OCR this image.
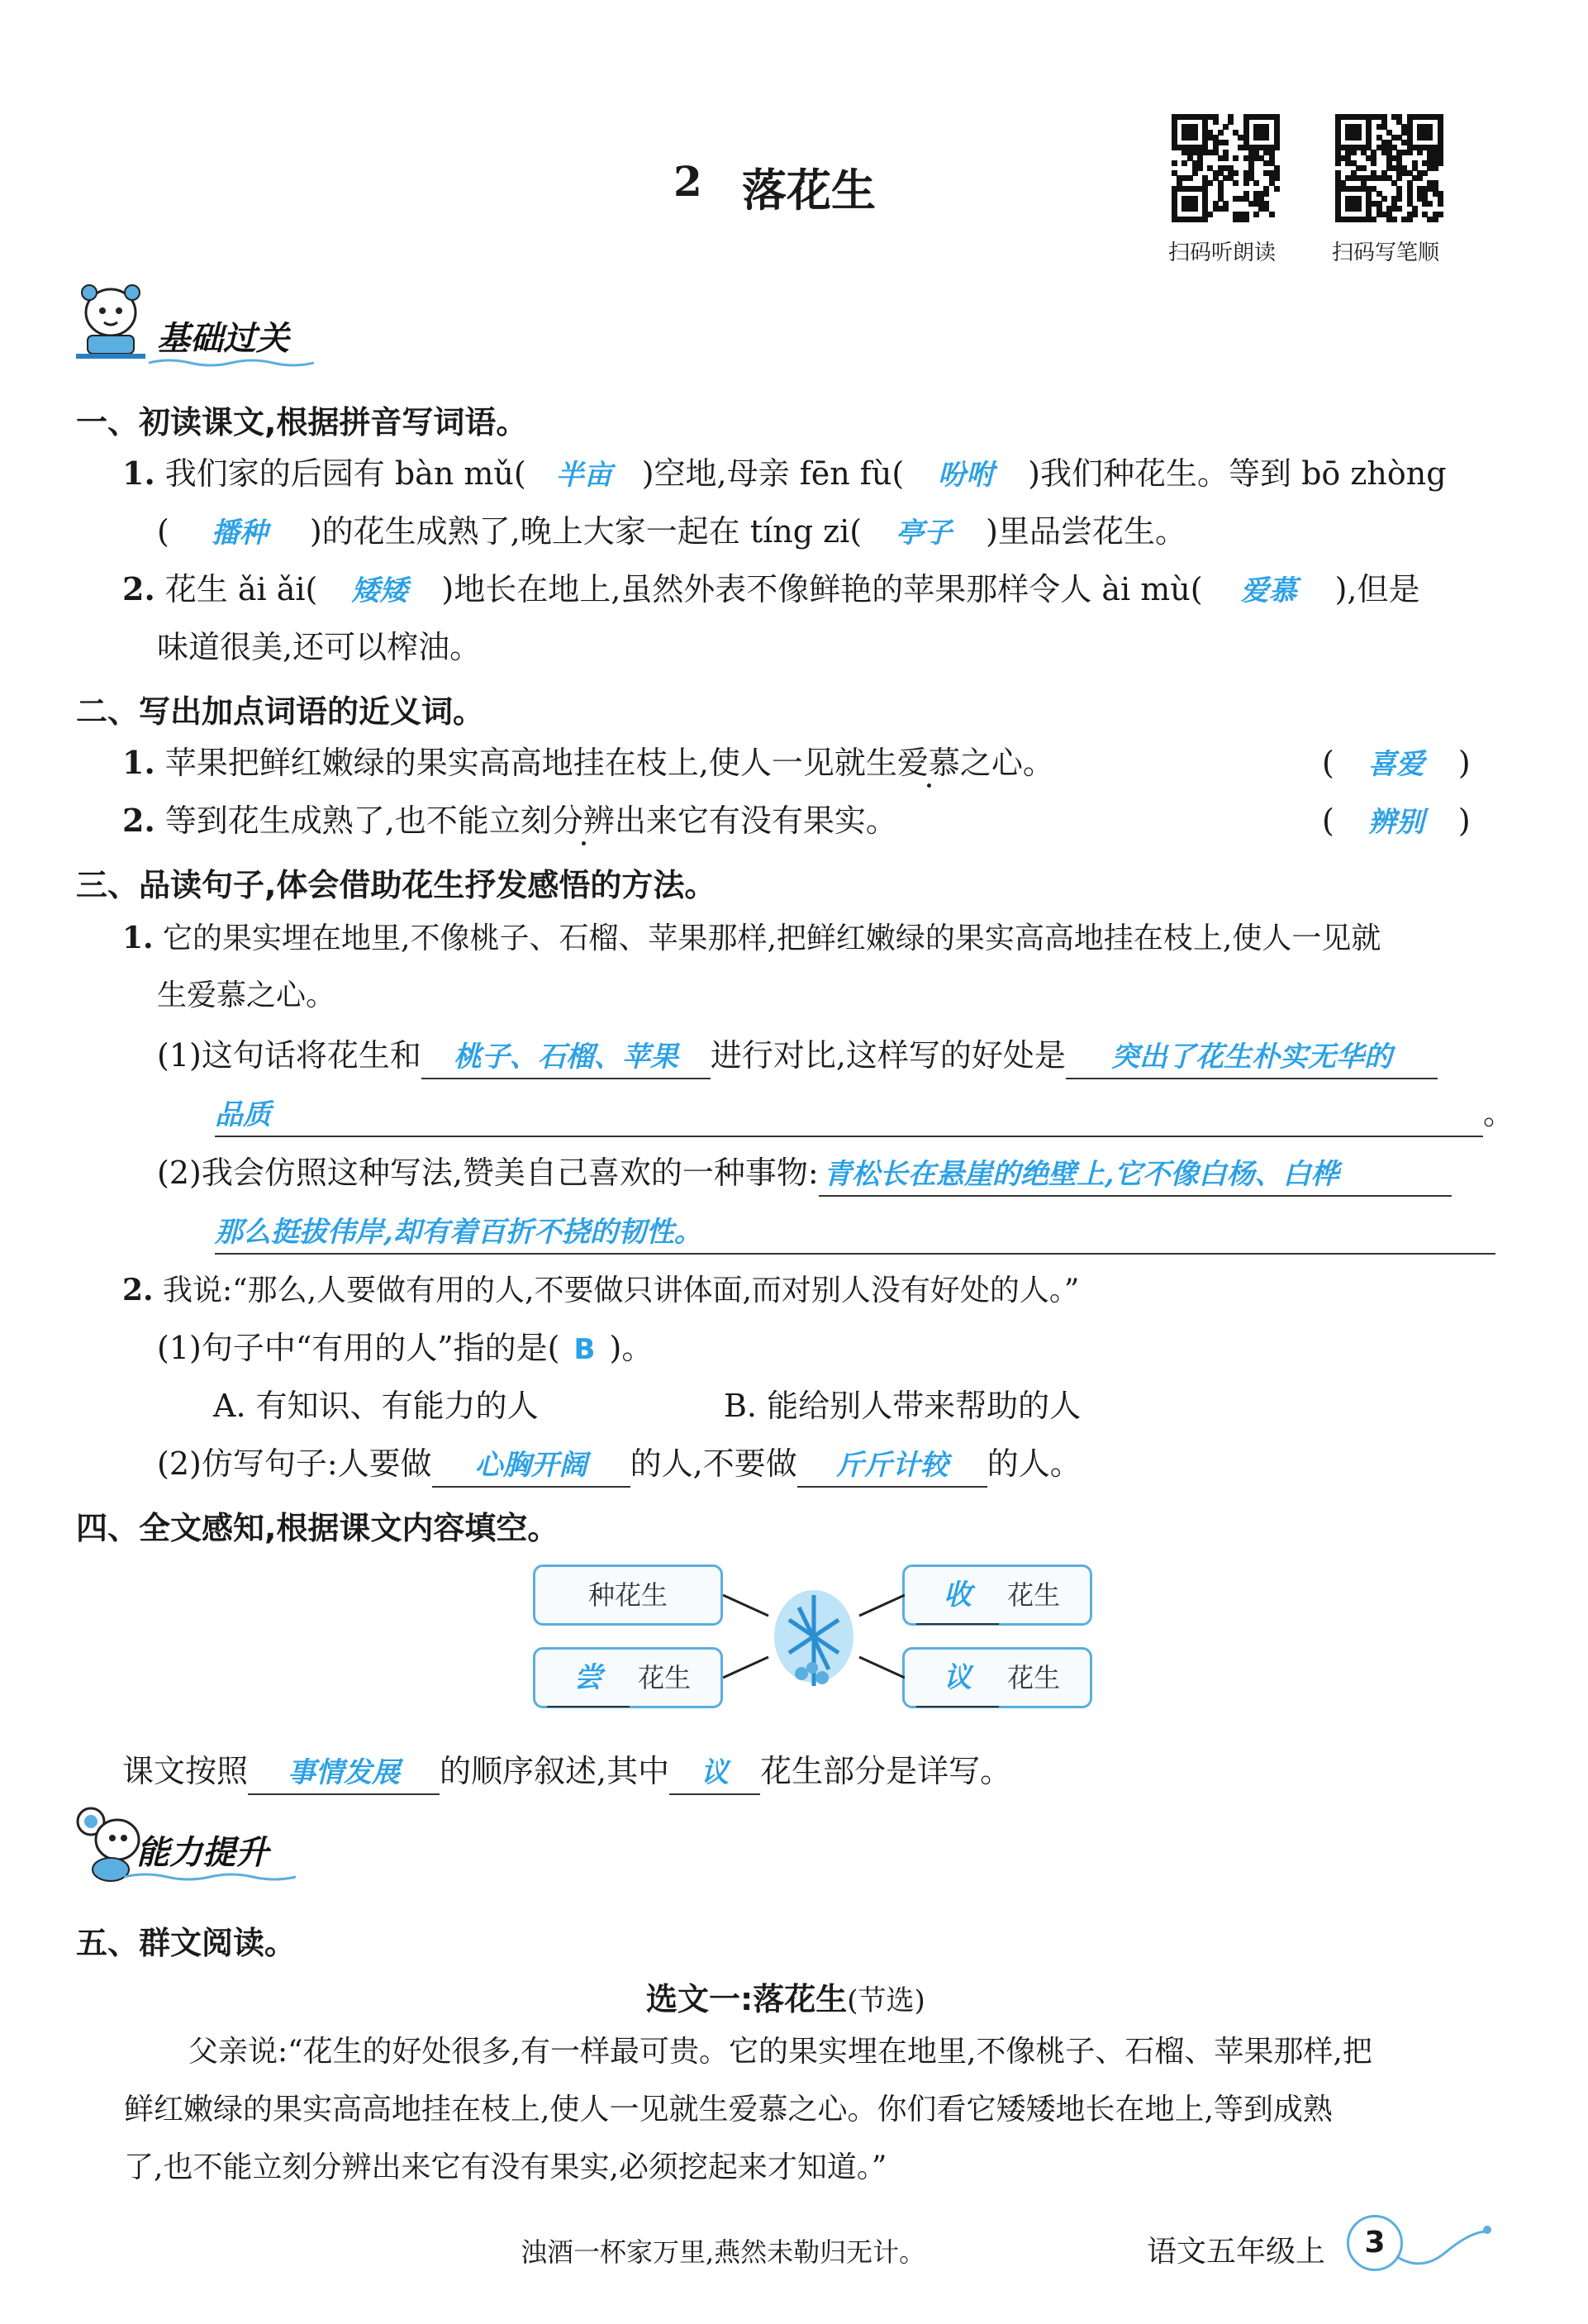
2 落花生
扫码听朗读	扫码写笔顺
基础过关
一、初读课文,根据拼音写词语。
1. 我们家的后园有 bàn mǔ( 半亩 )空地,母亲 fēn fù( 吩咐 )我们种花生。等到 bō zhòng
( 播种 )的花生成熟了,晚上大家一起在 tíng zi( 亭子 )里品尝花生。
2. 花生 ǎi ǎi( 矮矮 )地长在地上,虽然外表不像鲜艳的苹果那样令人 ài mù( 爱慕 ),但是
味道很美,还可以榨油。
二、写出加点词语的近义词。
1. 苹果把鲜红嫩绿的果实高高地挂在枝上,使人一见就生爱慕之心。	( 喜爱 )
2. 等到花生成熟了,也不能立刻分辨出来它有没有果实。	( 辨别 )
三、品读句子,体会借助花生抒发感悟的方法。
1. 它的果实埋在地里,不像桃子、石榴、苹果那样,把鲜红嫩绿的果实高高地挂在枝上,使人一见就
生爱慕之心。
(1)这句话将花生和 桃子、石榴、苹果 进行对比,这样写的好处是 突出了花生朴实无华的
品质	。
(2)我会仿照这种写法,赞美自己喜欢的一种事物: 青松长在悬崖的绝壁上,它不像白杨、白桦
那么挺拔伟岸,却有着百折不挠的韧性。
2. 我说:“那么,人要做有用的人,不要做只讲体面,而对别人没有好处的人。”
(1)句子中“有用的人”指的是( B )。
A. 有知识、有能力的人	B. 能给别人带来帮助的人
(2)仿写句子:人要做 心胸开阔 的人,不要做 斤斤计较 的人。
四、全文感知,根据课文内容填空。
种花生
尝 花生
收 花生
议 花生
课文按照 事情发展 的顺序叙述,其中 议 花生部分是详写。
能力提升
五、群文阅读。
选文一:落花生(节选)
父亲说:“花生的好处很多,有一样最可贵。它的果实埋在地里,不像桃子、石榴、苹果那样,把
鲜红嫩绿的果实高高地挂在枝上,使人一见就生爱慕之心。你们看它矮矮地长在地上,等到成熟
了,也不能立刻分辨出来它有没有果实,必须挖起来才知道。”
浊酒一杯家万里,燕然未勒归无计。	语文五年级上	3
